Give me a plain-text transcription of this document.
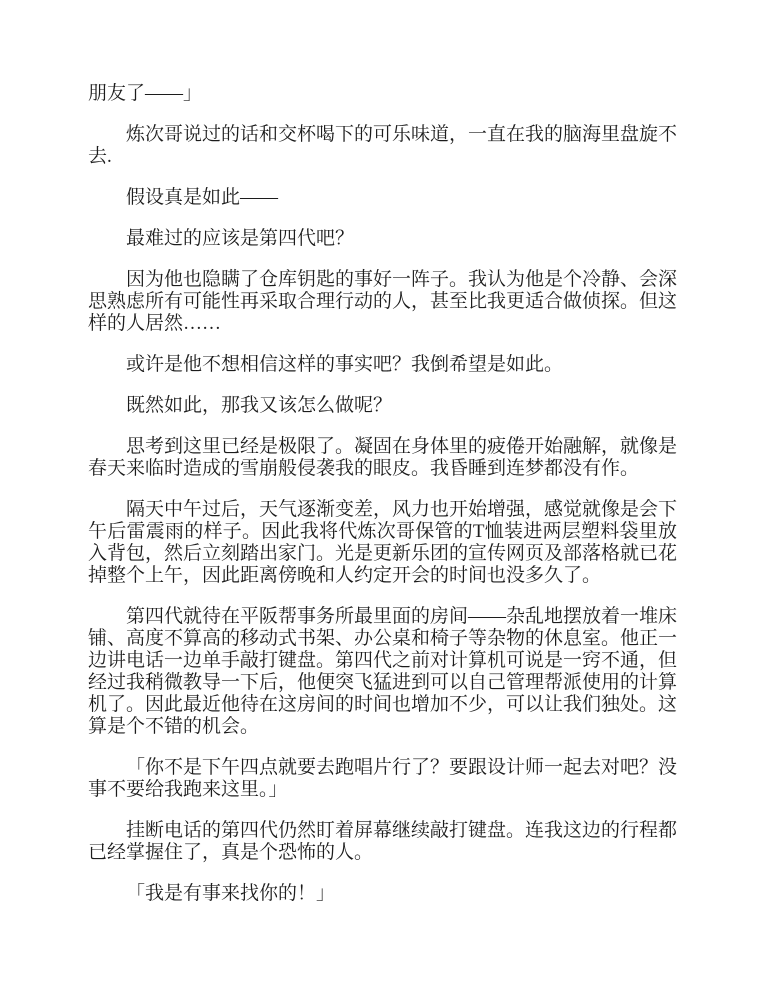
朋友了——」

炼次哥说过的话和交杯喝下的可乐味道，一直在我的脑海里盘旋不去.

假设真是如此——

最难过的应该是第四代吧？

因为他也隐瞒了仓库钥匙的事好一阵子。我认为他是个冷静、会深思熟虑所有可能性再采取合理行动的人，甚至比我更适合做侦探。但这样的人居然……

或许是他不想相信这样的事实吧？我倒希望是如此。

既然如此，那我又该怎么做呢？

思考到这里已经是极限了。凝固在身体里的疲倦开始融解，就像是春天来临时造成的雪崩般侵袭我的眼皮。我昏睡到连梦都没有作。

隔天中午过后，天气逐渐变差，风力也开始增强，感觉就像是会下午后雷震雨的样子。因此我将代炼次哥保管的T恤装进两层塑料袋里放入背包，然后立刻踏出家门。光是更新乐团的宣传网页及部落格就已花掉整个上午，因此距离傍晚和人约定开会的时间也没多久了。

第四代就待在平阪帮事务所最里面的房间——杂乱地摆放着一堆床铺、高度不算高的移动式书架、办公桌和椅子等杂物的休息室。他正一边讲电话一边单手敲打键盘。第四代之前对计算机可说是一窍不通，但经过我稍微教导一下后，他便突飞猛进到可以自己管理帮派使用的计算机了。因此最近他待在这房间的时间也增加不少，可以让我们独处。这算是个不错的机会。

「你不是下午四点就要去跑唱片行了？要跟设计师一起去对吧？没事不要给我跑来这里。」

挂断电话的第四代仍然盯着屏幕继续敲打键盘。连我这边的行程都已经掌握住了，真是个恐怖的人。

「我是有事来找你的！」
